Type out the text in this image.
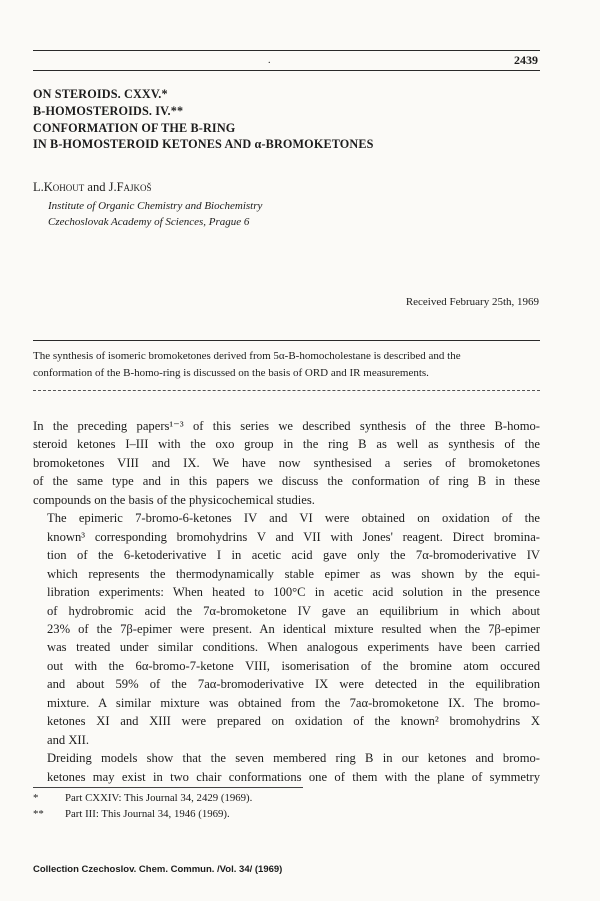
.	2439
ON STEROIDS. CXXV.*
B-HOMOSTEROIDS. IV.**
CONFORMATION OF THE B-RING
IN B-HOMOSTEROID KETONES AND α-BROMOKETONES
L.Kohout and J.Fajkoš
Institute of Organic Chemistry and Biochemistry
Czechoslovak Academy of Sciences, Prague 6
Received February 25th, 1969
The synthesis of isomeric bromoketones derived from 5α-B-homocholestane is described and the
conformation of the B-homo-ring is discussed on the basis of ORD and IR measurements.

In the preceding papers¹⁻³ of this series we described synthesis of the three B-homo-
steroid ketones I–III with the oxo group in the ring B as well as synthesis of the
bromoketones VIII and IX. We have now synthesised a series of bromoketones
of the same type and in this papers we discuss the conformation of ring B in these
compounds on the basis of the physicochemical studies.

The epimeric 7-bromo-6-ketones IV and VI were obtained on oxidation of the
known³ corresponding bromohydrins V and VII with Jones' reagent. Direct bromina-
tion of the 6-ketoderivative I in acetic acid gave only the 7α-bromoderivative IV
which represents the thermodynamically stable epimer as was shown by the equi-
libration experiments: When heated to 100°C in acetic acid solution in the presence
of hydrobromic acid the 7α-bromoketone IV gave an equilibrium in which about
23% of the 7β-epimer were present. An identical mixture resulted when the 7β-epimer
was treated under similar conditions. When analogous experiments have been carried
out with the 6α-bromo-7-ketone VIII, isomerisation of the bromine atom occured
and about 59% of the 7aα-bromoderivative IX were detected in the equilibration
mixture. A similar mixture was obtained from the 7aα-bromoketone IX. The bromo-
ketones XI and XIII were prepared on oxidation of the known² bromohydrins X
and XII.

Dreiding models show that the seven membered ring B in our ketones and bromo-
ketones may exist in two chair conformations one of them with the plane of symmetry

* Part CXXIV: This Journal 34, 2429 (1969).
** Part III: This Journal 34, 1946 (1969).
Collection Czechoslov. Chem. Commun. /Vol. 34/ (1969)
